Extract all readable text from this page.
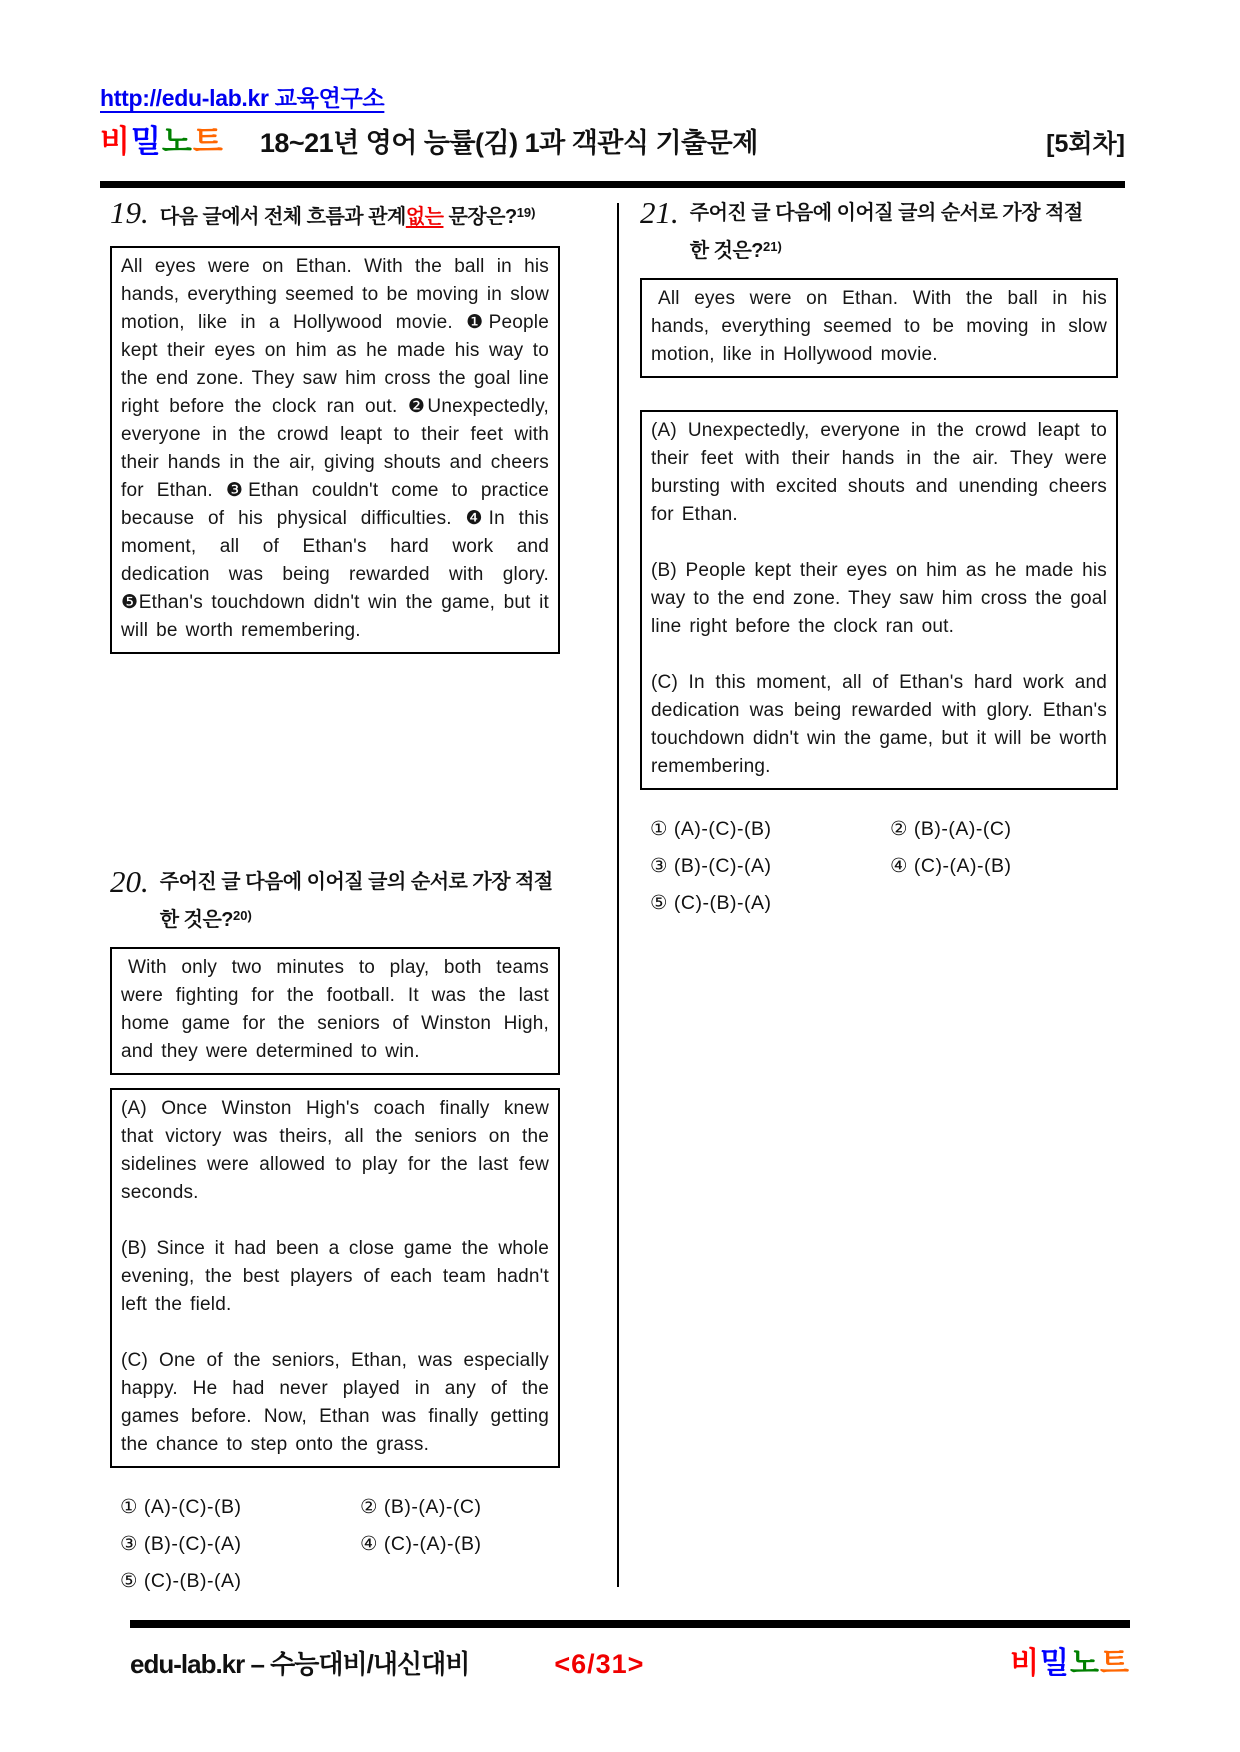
http://edu-lab.kr 교육연구소
비밀노트 18~21년 영어 능률(김) 1과 객관식 기출문제	[5회차]
19. 다음 글에서 전체 흐름과 관계없는 문장은?$^{19)}$

All eyes were on Ethan. With the ball in his hands, everything seemed to be moving in slow motion, like in a Hollywood movie. ❶People kept their eyes on him as he made his way to the end zone. They saw him cross the goal line right before the clock ran out. ❷Unexpectedly, everyone in the crowd leapt to their feet with their hands in the air, giving shouts and cheers for Ethan. ❸Ethan couldn't come to practice because of his physical difficulties. ❹In this moment, all of Ethan's hard work and dedication was being rewarded with glory. ❺Ethan's touchdown didn't win the game, but it will be worth remembering.

20. 주어진 글 다음에 이어질 글의 순서로 가장 적절
한 것은?$^{20)}$

With only two minutes to play, both teams were fighting for the football. It was the last home game for the seniors of Winston High, and they were determined to win.

(A) Once Winston High's coach finally knew that victory was theirs, all the seniors on the sidelines were allowed to play for the last few seconds.

(B) Since it had been a close game the whole evening, the best players of each team hadn't left the field.

(C) One of the seniors, Ethan, was especially happy. He had never played in any of the games before. Now, Ethan was finally getting the chance to step onto the grass.

① (A)-(C)-(B)	② (B)-(A)-(C)
③ (B)-(C)-(A)	④ (C)-(A)-(B)
⑤ (C)-(B)-(A)
21. 주어진 글 다음에 이어질 글의 순서로 가장 적절
한 것은?$^{21)}$

All eyes were on Ethan. With the ball in his hands, everything seemed to be moving in slow motion, like in Hollywood movie.

(A) Unexpectedly, everyone in the crowd leapt to their feet with their hands in the air. They were bursting with excited shouts and unending cheers for Ethan.

(B) People kept their eyes on him as he made his way to the end zone. They saw him cross the goal line right before the clock ran out.

(C) In this moment, all of Ethan's hard work and dedication was being rewarded with glory. Ethan's touchdown didn't win the game, but it will be worth remembering.

① (A)-(C)-(B)	② (B)-(A)-(C)
③ (B)-(C)-(A)	④ (C)-(A)-(B)
⑤ (C)-(B)-(A)
edu-lab.kr – 수능대비/내신대비	<6/31>	비밀노트
